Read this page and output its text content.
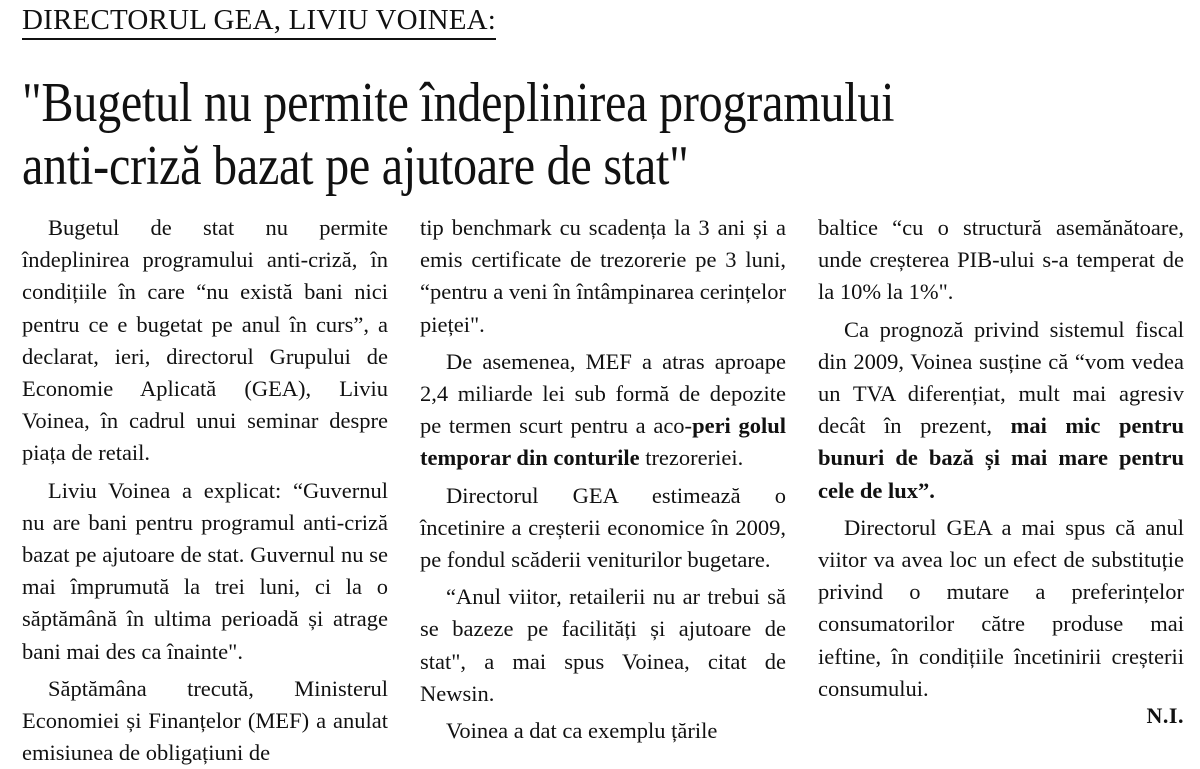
DIRECTORUL GEA, LIVIU VOINEA:
"Bugetul nu permite îndeplinirea programului
anti-criză bazat pe ajutoare de stat"

Bugetul de stat nu permite îndeplinirea programului anti-criză, în condițiile în care “nu există bani nici pentru ce e bugetat pe anul în curs”, a declarat, ieri, directorul Grupului de Economie Aplicată (GEA), Liviu Voinea, în cadrul unui seminar despre piața de retail.

Liviu Voinea a explicat: “Guvernul nu are bani pentru programul anti-criză bazat pe ajutoare de stat. Guvernul nu se mai împrumută la trei luni, ci la o săptămână în ultima perioadă și atrage bani mai des ca înainte".

Săptămâna trecută, Ministerul Economiei și Finanțelor (MEF) a anulat emisiunea de obligațiuni de

tip benchmark cu scadența la 3 ani și a emis certificate de trezorerie pe 3 luni, “pentru a veni în întâmpinarea cerințelor pieței".

De asemenea, MEF a atras aproape 2,4 miliarde lei sub formă de depozite pe termen scurt pentru a aco-peri golul temporar din conturile trezoreriei.

Directorul GEA estimează o încetinire a creșterii economice în 2009, pe fondul scăderii veniturilor bugetare.

“Anul viitor, retailerii nu ar trebui să se bazeze pe facilități și ajutoare de stat", a mai spus Voinea, citat de Newsin.

Voinea a dat ca exemplu țările

baltice “cu o structură asemănătoare, unde creșterea PIB-ului s-a temperat de la 10% la 1%".

Ca prognoză privind sistemul fiscal din 2009, Voinea susține că “vom vedea un TVA diferențiat, mult mai agresiv decât în prezent, mai mic pentru bunuri de bază și mai mare pentru cele de lux”.

Directorul GEA a mai spus că anul viitor va avea loc un efect de substituție privind o mutare a preferințelor consumatorilor către produse mai ieftine, în condițiile încetinirii creșterii consumului.

N.I.
